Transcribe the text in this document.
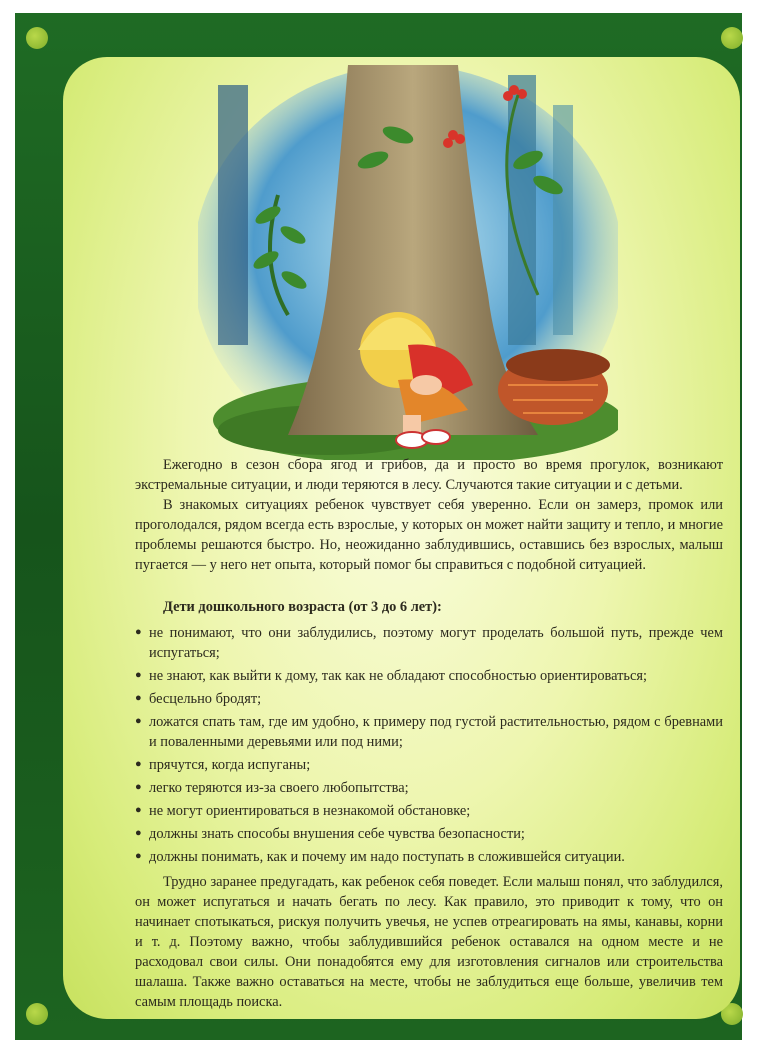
Ежегодно в сезон сбора ягод и грибов, да и просто во время прогулок, возникают экстремальные ситуации, и люди теряются в лесу. Случаются такие ситуации и с детьми.

В знакомых ситуациях ребенок чувствует себя уверенно. Если он замерз, промок или проголодался, рядом всегда есть взрослые, у которых он может найти защиту и тепло, и многие проблемы решаются быстро. Но, неожиданно заблудившись, оставшись без взрослых, малыш пугается — у него нет опыта, который помог бы справиться с подобной ситуацией.

Дети дошкольного возраста (от 3 до 6 лет):

● не понимают, что они заблудились, поэтому могут проделать большой путь, прежде чем испугаться;
● не знают, как выйти к дому, так как не обладают способностью ориентироваться;
● бесцельно бродят;
● ложатся спать там, где им удобно, к примеру под густой растительностью, рядом с бревнами и поваленными деревьями или под ними;
● прячутся, когда испуганы;
● легко теряются из-за своего любопытства;
● не могут ориентироваться в незнакомой обстановке;
● должны знать способы внушения себе чувства безопасности;
● должны понимать, как и почему им надо поступать в сложившейся ситуации.

Трудно заранее предугадать, как ребенок себя поведет. Если малыш понял, что заблудился, он может испугаться и начать бегать по лесу. Как правило, это приводит к тому, что он начинает спотыкаться, рискуя получить увечья, не успев отреагировать на ямы, канавы, корни и т. д. Поэтому важно, чтобы заблудившийся ребенок оставался на одном месте и не расходовал свои силы. Они понадобятся ему для изготовления сигналов или строительства шалаша. Также важно оставаться на месте, чтобы не заблудиться еще больше, увеличив тем самым площадь поиска.
